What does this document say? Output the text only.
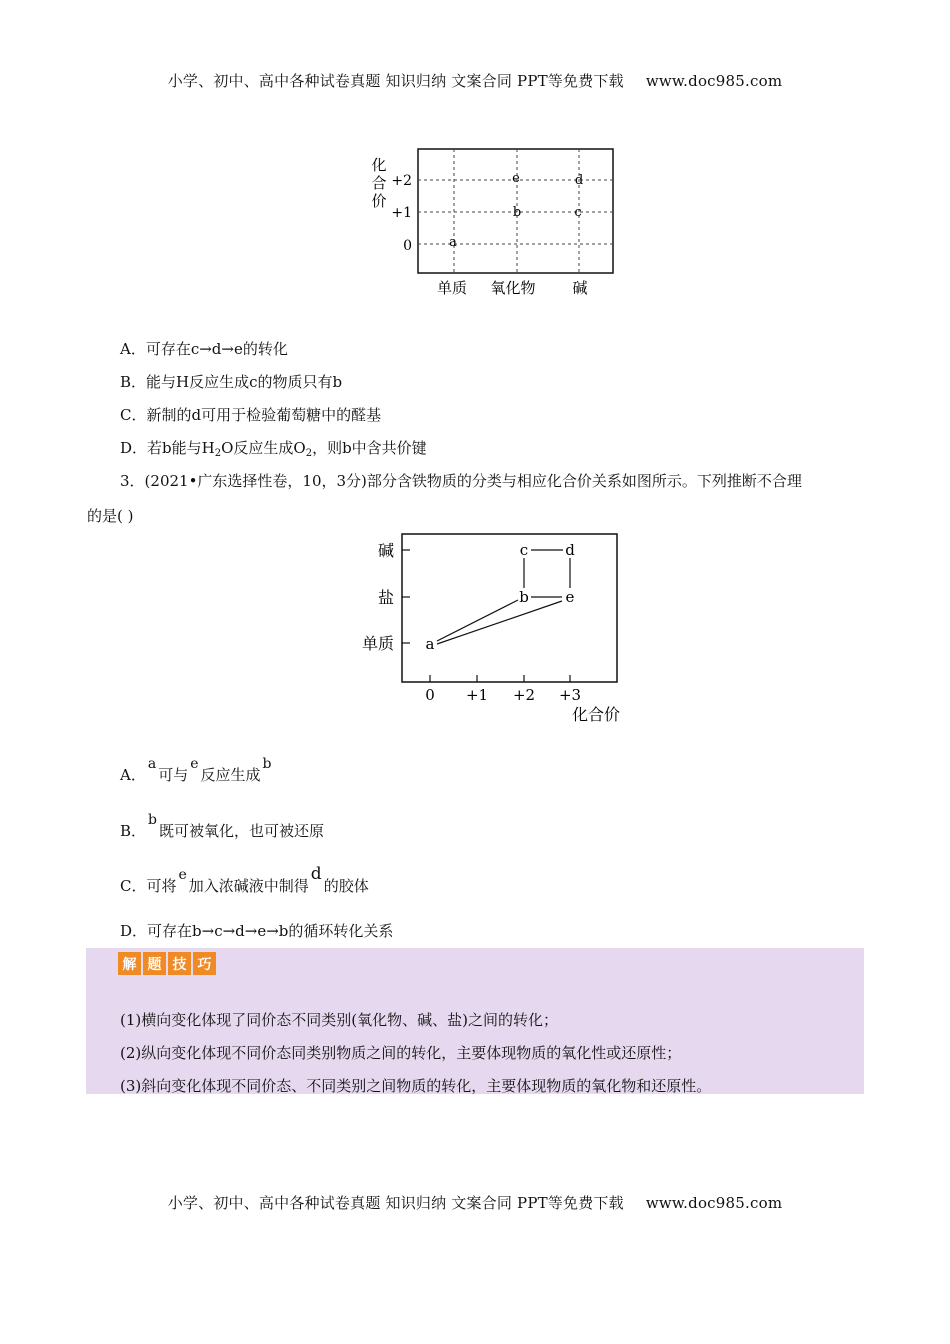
小学、初中、高中各种试卷真题 知识归纳 文案合同 PPT等免费下载 www.doc985.com
化
合
价
+2
+1
0
单质 氧化物 碱
a
e	d
b	c
A．可存在c→d→e的转化
B．能与H反应生成c的物质只有b
C．新制的d可用于检验葡萄糖中的醛基
D．若b能与$H_2O$反应生成$O_2$，则b中含共价键
3．(2021•广东选择性卷，10，3分)部分含铁物质的分类与相应化合价关系如图所示。下列推断不合理
的是( )
碱
盐
单质
0 +1 +2 +3
化合价
c d
b e
a
A．a可与e反应生成b
B．b既可被氧化，也可被还原
C．可将e加入浓碱液中制得d的胶体
D．可存在b→c→d→e→b的循环转化关系
解 题 技 巧
(1)横向变化体现了同价态不同类别(氧化物、碱、盐)之间的转化；
(2)纵向变化体现不同价态同类别物质之间的转化，主要体现物质的氧化性或还原性；
(3)斜向变化体现不同价态、不同类别之间物质的转化，主要体现物质的氧化物和还原性。
小学、初中、高中各种试卷真题 知识归纳 文案合同 PPT等免费下载 www.doc985.com
